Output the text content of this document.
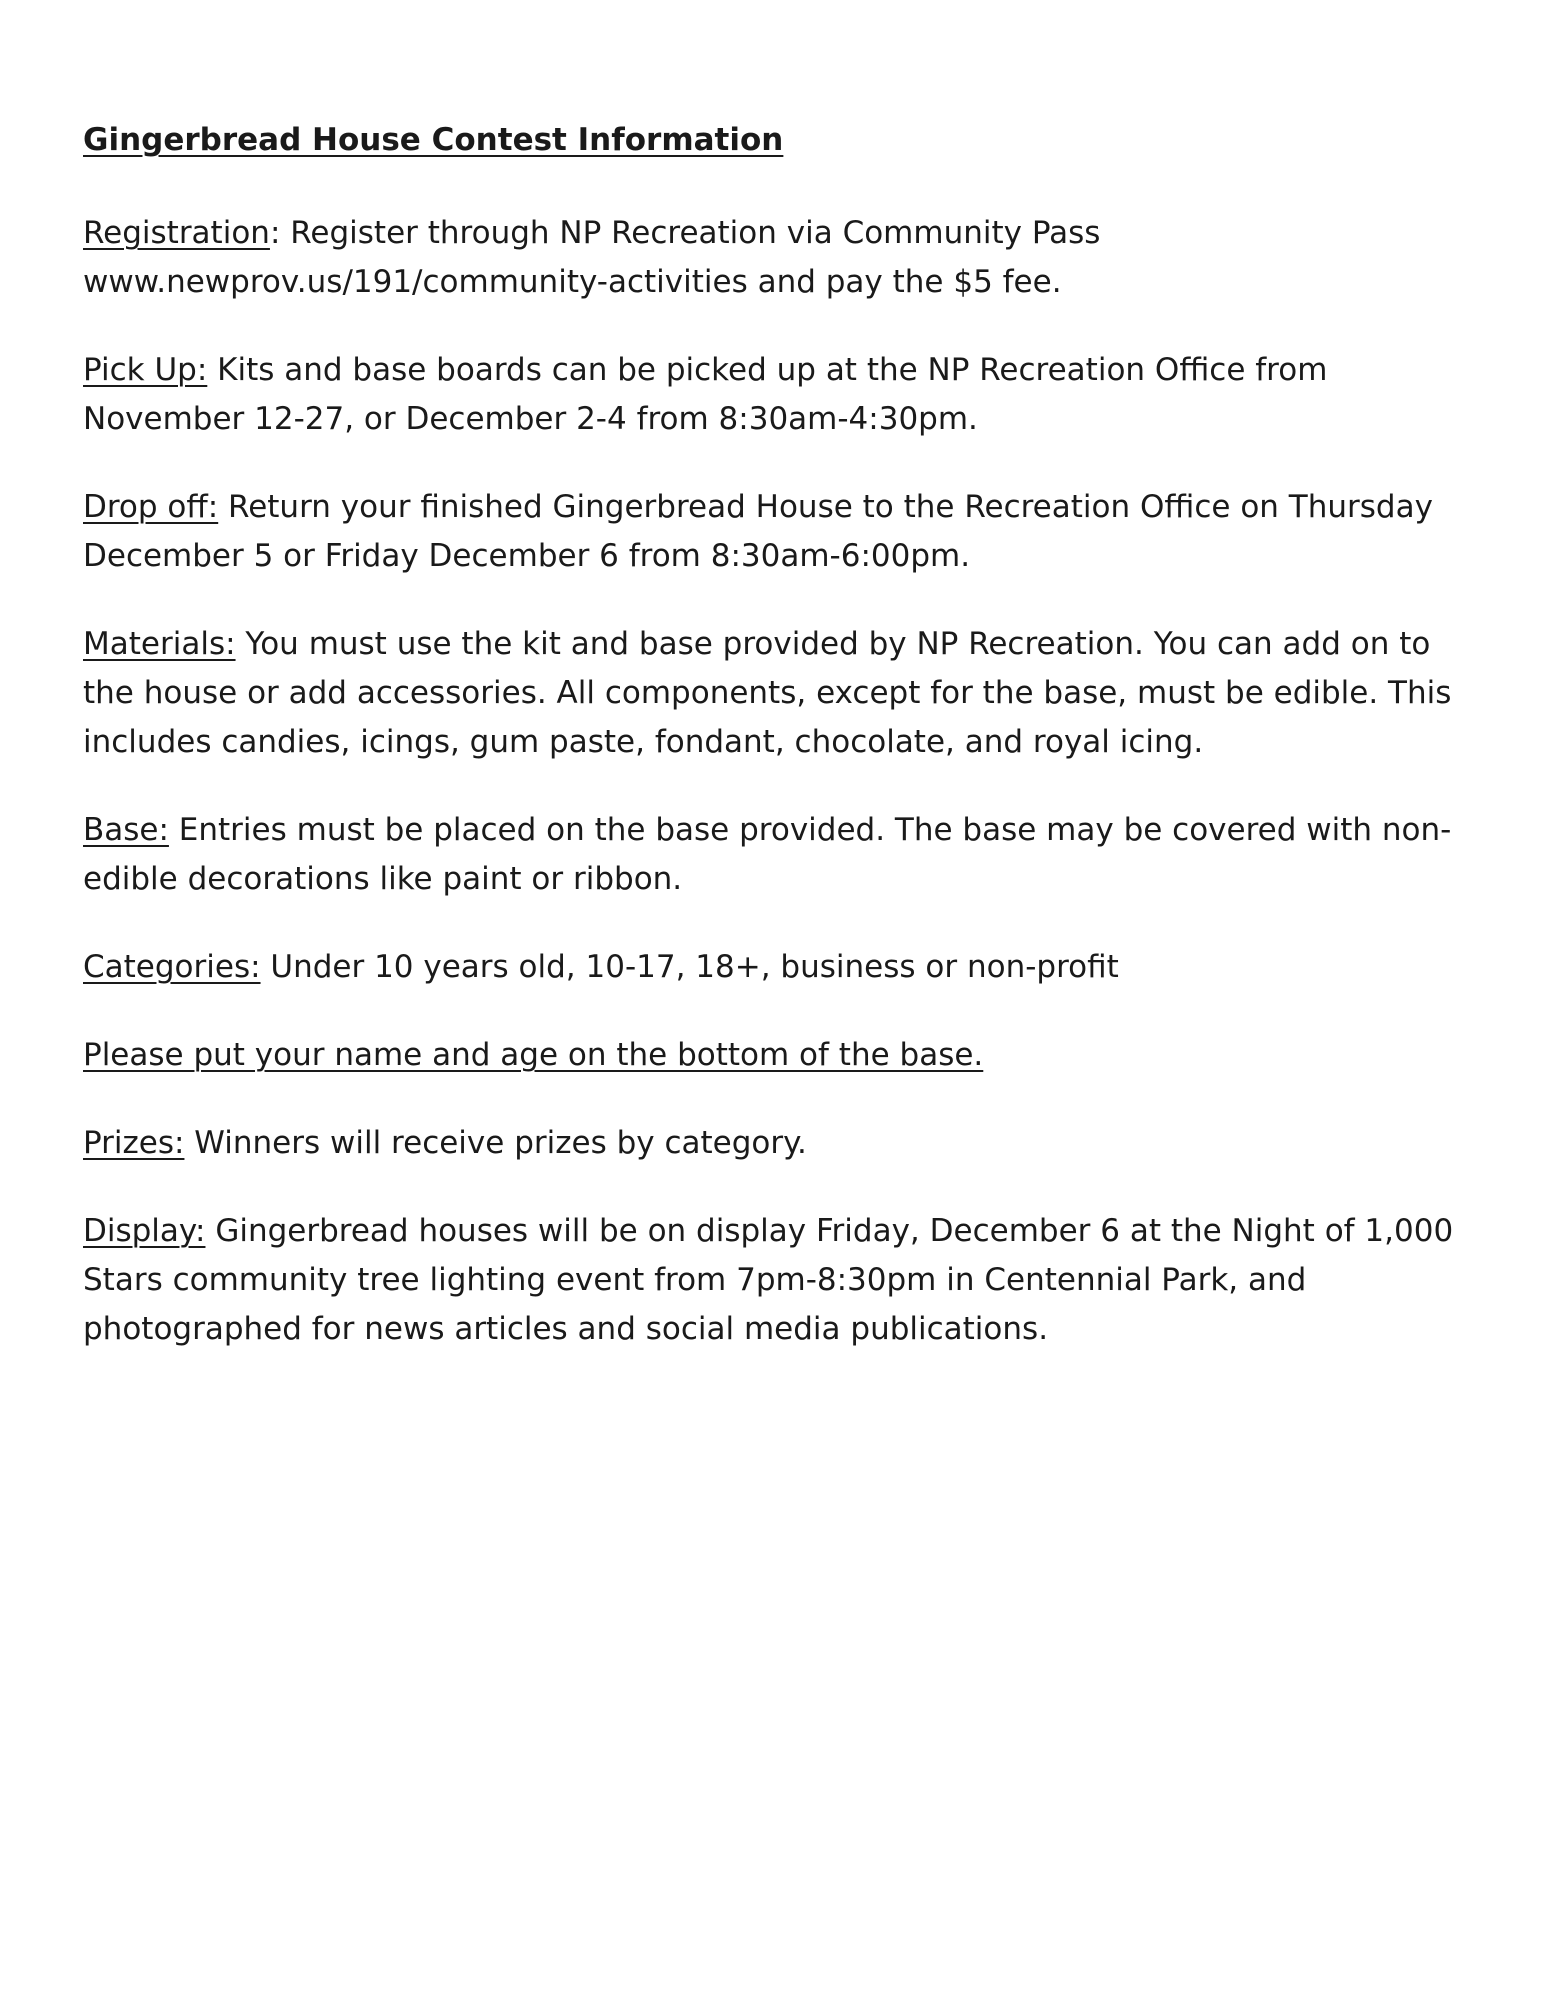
Gingerbread House Contest Information

Registration: Register through NP Recreation via Community Pass www.newprov.us/191/community-activities and pay the $5 fee.

Pick Up: Kits and base boards can be picked up at the NP Recreation Office from November 12-27, or December 2-4 from 8:30am-4:30pm.

Drop off: Return your finished Gingerbread House to the Recreation Office on Thursday December 5 or Friday December 6 from 8:30am-6:00pm.

Materials: You must use the kit and base provided by NP Recreation. You can add on to the house or add accessories. All components, except for the base, must be edible. This includes candies, icings, gum paste, fondant, chocolate, and royal icing.

Base: Entries must be placed on the base provided. The base may be covered with non-edible decorations like paint or ribbon.

Categories: Under 10 years old, 10-17, 18+, business or non-profit

Please put your name and age on the bottom of the base.

Prizes: Winners will receive prizes by category.

Display: Gingerbread houses will be on display Friday, December 6 at the Night of 1,000 Stars community tree lighting event from 7pm-8:30pm in Centennial Park, and photographed for news articles and social media publications.
